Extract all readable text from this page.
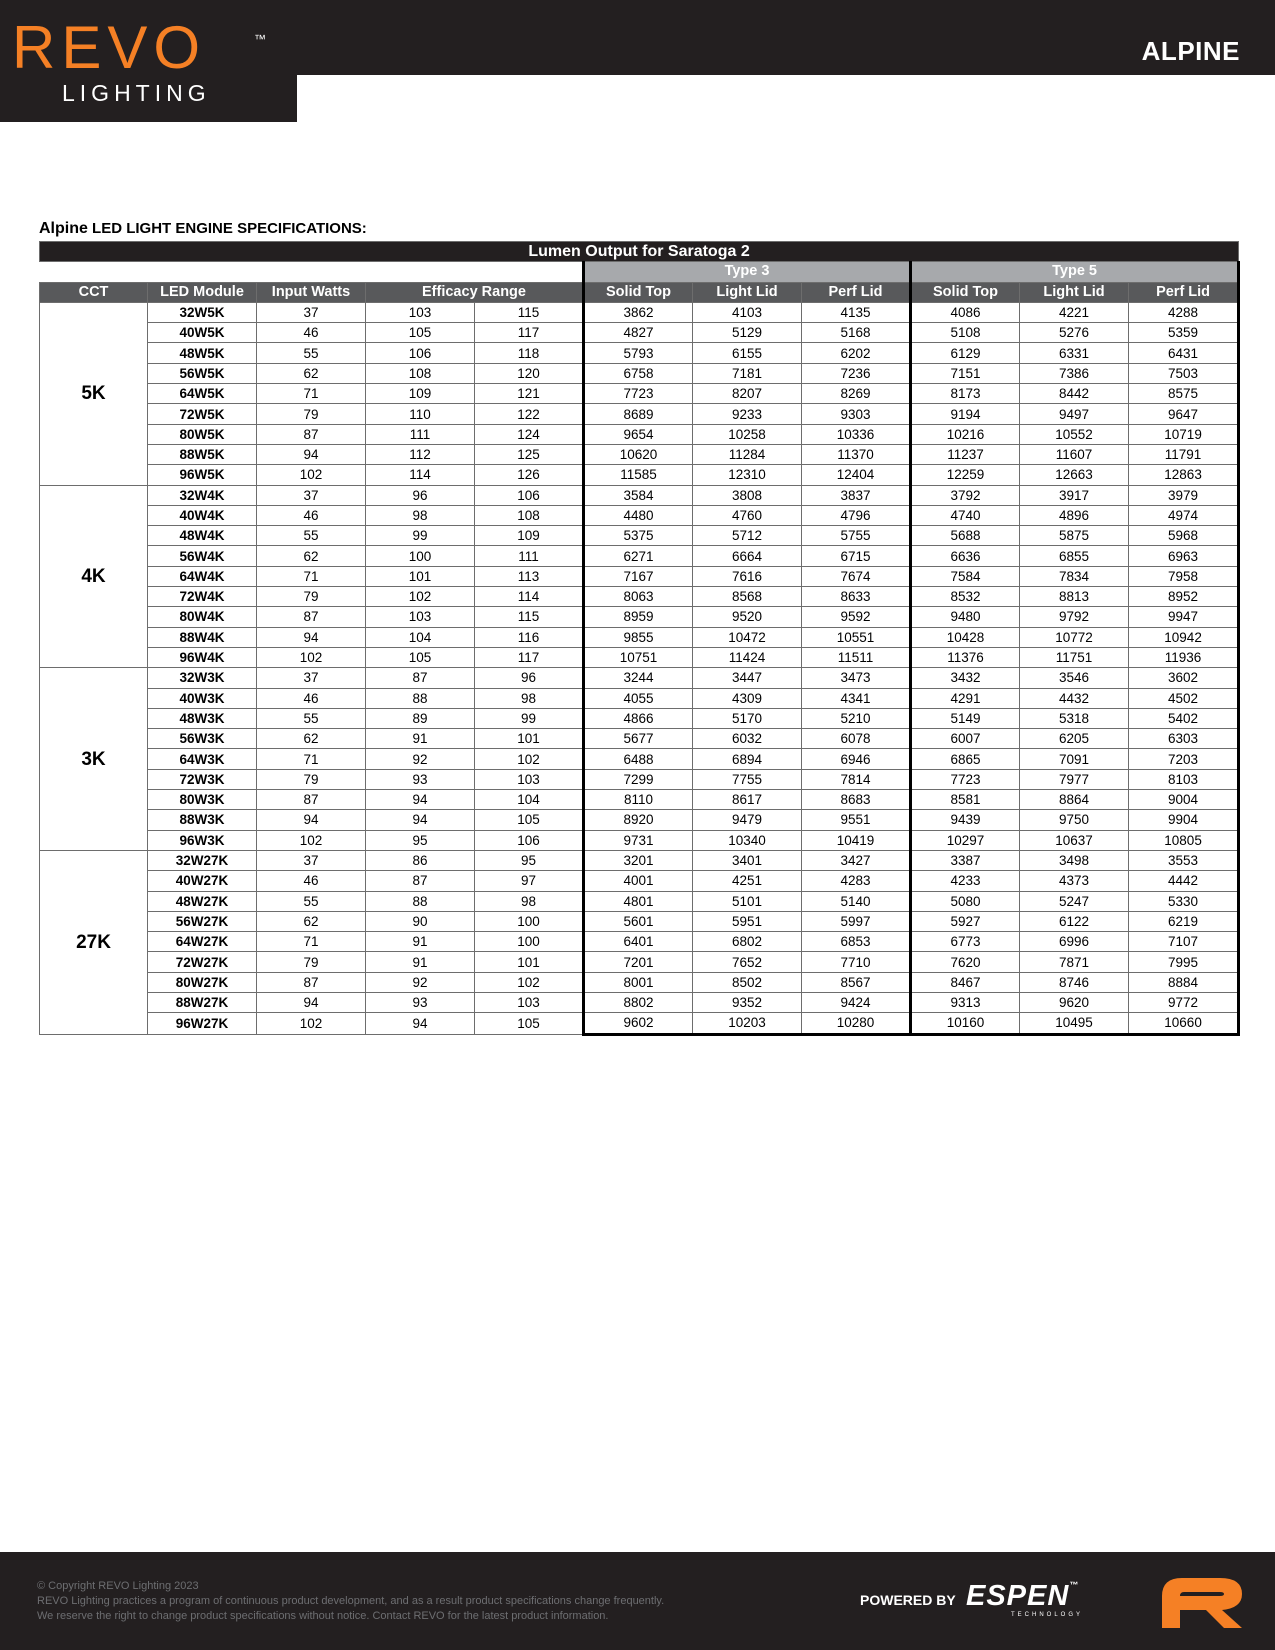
REVO	™
LIGHTING
ALPINE
Alpine LED LIGHT ENGINE SPECIFICATIONS:
Lumen Output for Saratoga 2										
					Type 3			Type 5		
CCT	LED Module	Input Watts	Efficacy Range		Solid Top	Light Lid	Perf Lid	Solid Top	Light Lid	Perf Lid
5K	32W5K	37	103	115	3862	4103	4135	4086	4221	4288
	40W5K	46	105	117	4827	5129	5168	5108	5276	5359
	48W5K	55	106	118	5793	6155	6202	6129	6331	6431
	56W5K	62	108	120	6758	7181	7236	7151	7386	7503
	64W5K	71	109	121	7723	8207	8269	8173	8442	8575
	72W5K	79	110	122	8689	9233	9303	9194	9497	9647
	80W5K	87	111	124	9654	10258	10336	10216	10552	10719
	88W5K	94	112	125	10620	11284	11370	11237	11607	11791
	96W5K	102	114	126	11585	12310	12404	12259	12663	12863
4K	32W4K	37	96	106	3584	3808	3837	3792	3917	3979
	40W4K	46	98	108	4480	4760	4796	4740	4896	4974
	48W4K	55	99	109	5375	5712	5755	5688	5875	5968
	56W4K	62	100	111	6271	6664	6715	6636	6855	6963
	64W4K	71	101	113	7167	7616	7674	7584	7834	7958
	72W4K	79	102	114	8063	8568	8633	8532	8813	8952
	80W4K	87	103	115	8959	9520	9592	9480	9792	9947
	88W4K	94	104	116	9855	10472	10551	10428	10772	10942
	96W4K	102	105	117	10751	11424	11511	11376	11751	11936
3K	32W3K	37	87	96	3244	3447	3473	3432	3546	3602
	40W3K	46	88	98	4055	4309	4341	4291	4432	4502
	48W3K	55	89	99	4866	5170	5210	5149	5318	5402
	56W3K	62	91	101	5677	6032	6078	6007	6205	6303
	64W3K	71	92	102	6488	6894	6946	6865	7091	7203
	72W3K	79	93	103	7299	7755	7814	7723	7977	8103
	80W3K	87	94	104	8110	8617	8683	8581	8864	9004
	88W3K	94	94	105	8920	9479	9551	9439	9750	9904
	96W3K	102	95	106	9731	10340	10419	10297	10637	10805
27K	32W27K	37	86	95	3201	3401	3427	3387	3498	3553
	40W27K	46	87	97	4001	4251	4283	4233	4373	4442
	48W27K	55	88	98	4801	5101	5140	5080	5247	5330
	56W27K	62	90	100	5601	5951	5997	5927	6122	6219
	64W27K	71	91	100	6401	6802	6853	6773	6996	7107
	72W27K	79	91	101	7201	7652	7710	7620	7871	7995
	80W27K	87	92	102	8001	8502	8567	8467	8746	8884
	88W27K	94	93	103	8802	9352	9424	9313	9620	9772
	96W27K	102	94	105	9602	10203	10280	10160	10495	10660
© Copyright REVO Lighting 2023
REVO Lighting practices a program of continuous product development, and as a result product specifications change frequently.
We reserve the right to change product specifications without notice. Contact REVO for the latest product information.
POWERED BY ESPEN™
TECHNOLOGY
